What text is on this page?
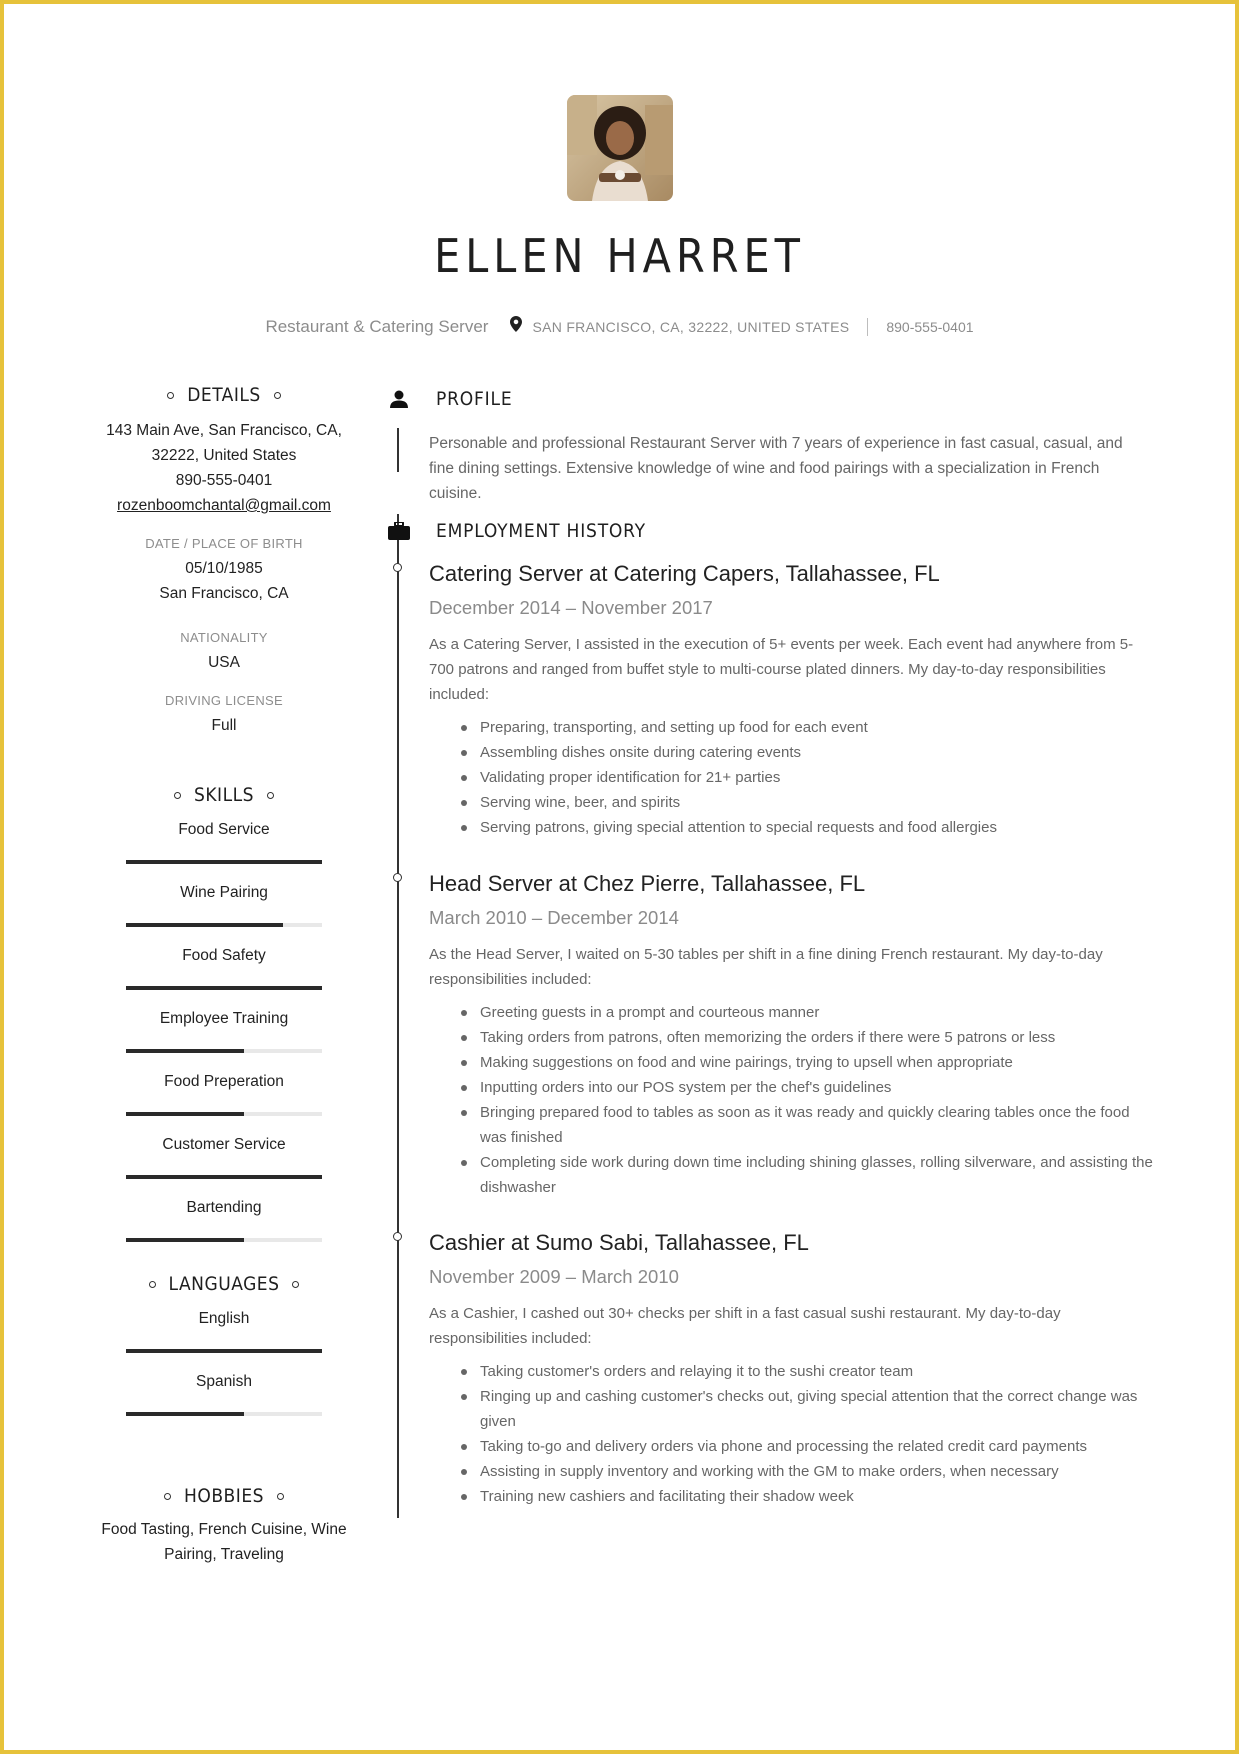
ELLEN HARRET
Restaurant & Catering Server	SAN FRANCISCO, CA, 32222, UNITED STATES	890-555-0401
DETAILS
143 Main Ave, San Francisco, CA,
32222, United States
890-555-0401
rozenboomchantal@gmail.com
DATE / PLACE OF BIRTH
05/10/1985
San Francisco, CA
NATIONALITY
USA
DRIVING LICENSE
Full
SKILLS
Food Service
Wine Pairing
Food Safety
Employee Training
Food Preperation
Customer Service
Bartending
LANGUAGES
English
Spanish
HOBBIES
Food Tasting, French Cuisine, Wine
Pairing, Traveling
PROFILE
Personable and professional Restaurant Server with 7 years of experience in fast casual, casual, and fine dining settings. Extensive knowledge of wine and food pairings with a specialization in French cuisine.
EMPLOYMENT HISTORY
Catering Server at Catering Capers, Tallahassee, FL
December 2014 – November 2017
As a Catering Server, I assisted in the execution of 5+ events per week. Each event had anywhere from 5-700 patrons and ranged from buffet style to multi-course plated dinners. My day-to-day responsibilities included:
Preparing, transporting, and setting up food for each event
Assembling dishes onsite during catering events
Validating proper identification for 21+ parties
Serving wine, beer, and spirits
Serving patrons, giving special attention to special requests and food allergies
Head Server at Chez Pierre, Tallahassee, FL
March 2010 – December 2014
As the Head Server, I waited on 5-30 tables per shift in a fine dining French restaurant. My day-to-day responsibilities included:
Greeting guests in a prompt and courteous manner
Taking orders from patrons, often memorizing the orders if there were 5 patrons or less
Making suggestions on food and wine pairings, trying to upsell when appropriate
Inputting orders into our POS system per the chef's guidelines
Bringing prepared food to tables as soon as it was ready and quickly clearing tables once the food was finished
Completing side work during down time including shining glasses, rolling silverware, and assisting the dishwasher
Cashier at Sumo Sabi, Tallahassee, FL
November 2009 – March 2010
As a Cashier, I cashed out 30+ checks per shift in a fast casual sushi restaurant. My day-to-day responsibilities included:
Taking customer's orders and relaying it to the sushi creator team
Ringing up and cashing customer's checks out, giving special attention that the correct change was given
Taking to-go and delivery orders via phone and processing the related credit card payments
Assisting in supply inventory and working with the GM to make orders, when necessary
Training new cashiers and facilitating their shadow week
